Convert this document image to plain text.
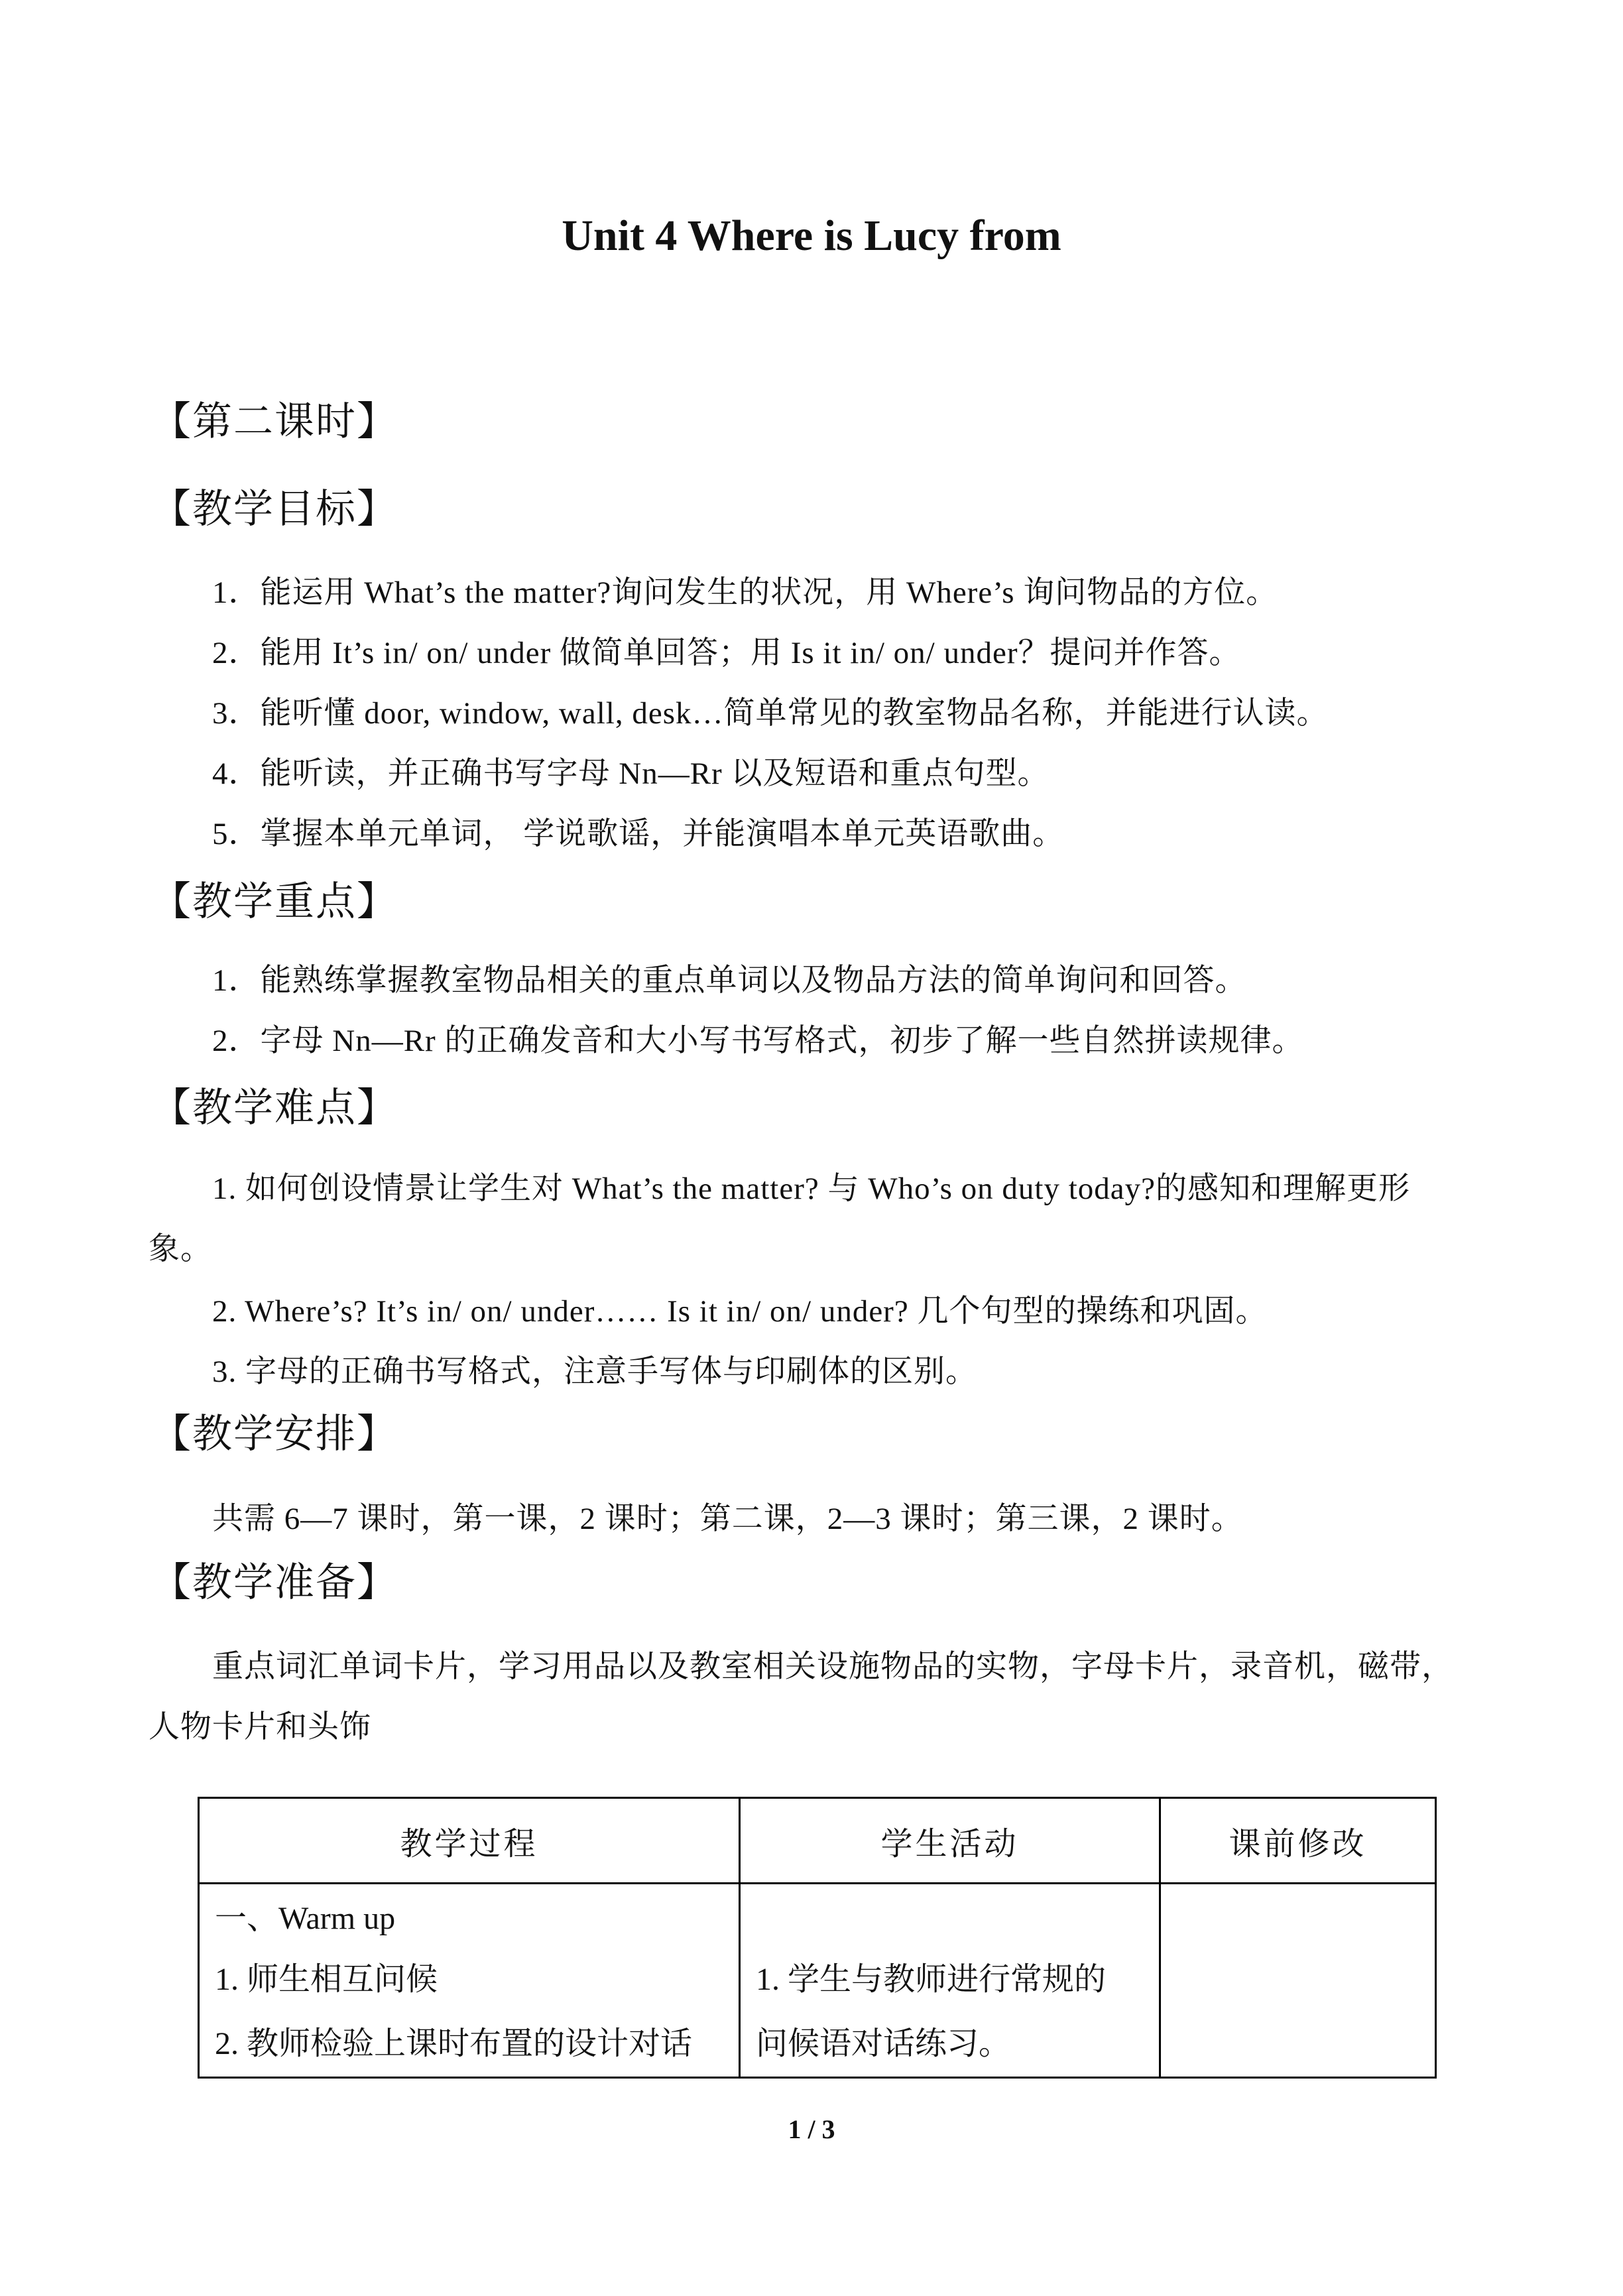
Unit 4 Where is Lucy from
【第二课时】
【教学目标】
1．能运用 What’s the matter?询问发生的状况，用 Where’s 询问物品的方位。
2．能用 It’s in/ on/ under 做简单回答；用 Is it in/ on/ under？提问并作答。
3．能听懂 door, window, wall, desk…简单常见的教室物品名称，并能进行认读。
4．能听读，并正确书写字母 Nn—Rr 以及短语和重点句型。
5．掌握本单元单词， 学说歌谣，并能演唱本单元英语歌曲。
【教学重点】
1．能熟练掌握教室物品相关的重点单词以及物品方法的简单询问和回答。
2．字母 Nn—Rr 的正确发音和大小写书写格式，初步了解一些自然拼读规律。
【教学难点】
1. 如何创设情景让学生对 What’s the matter? 与 Who’s on duty today?的感知和理解更形
象。
2. Where’s? It’s in/ on/ under…… Is it in/ on/ under? 几个句型的操练和巩固。
3. 字母的正确书写格式，注意手写体与印刷体的区别。
【教学安排】
共需 6—7 课时，第一课，2 课时；第二课，2—3 课时；第三课，2 课时。
【教学准备】
重点词汇单词卡片，学习用品以及教室相关设施物品的实物，字母卡片，录音机，磁带，
人物卡片和头饰
教学过程	学生活动	课前修改

一、Warm up
1. 师生相互问候
2. 教师检验上课时布置的设计对话	1. 学生与教师进行常规的
问候语对话练习。	

1 / 3
